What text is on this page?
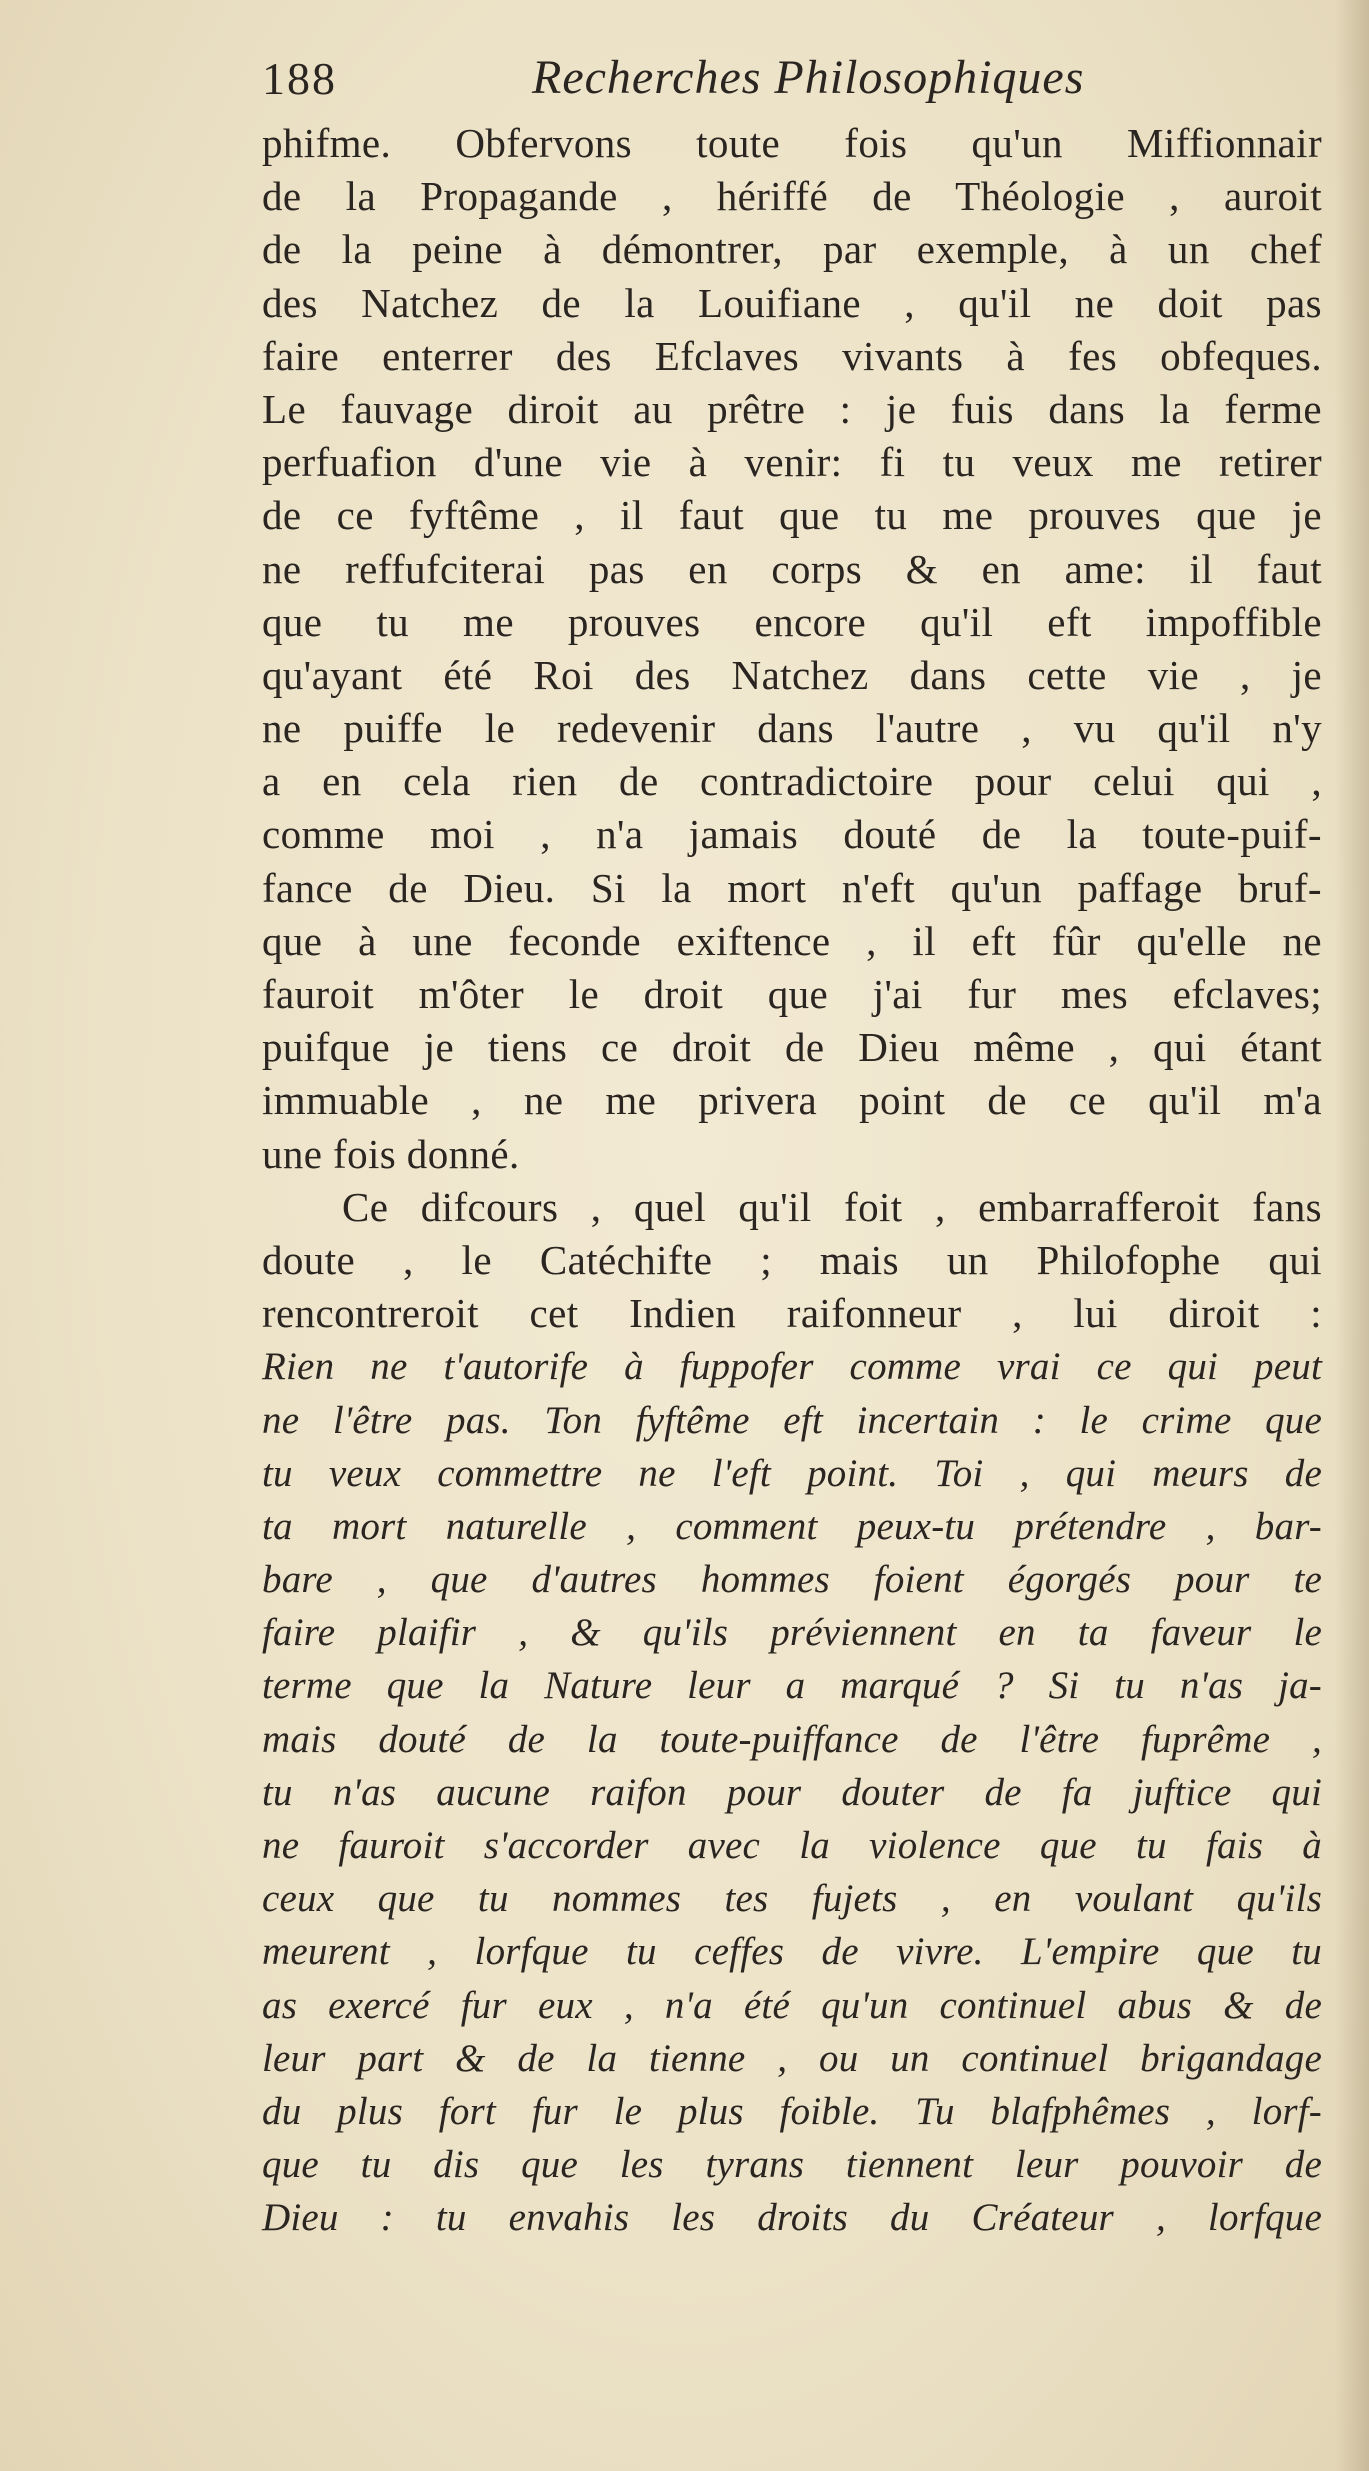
188	Recherches Philosophiques
phifme. Obfervons toute fois qu'un Miffionnair
de la Propagande , hériffé de Théologie , auroit
de la peine à démontrer, par exemple, à un chef
des Natchez de la Louifiane , qu'il ne doit pas
faire enterrer des Efclaves vivants à fes obfeques.
Le fauvage diroit au prêtre : je fuis dans la ferme
perfuafion d'une vie à venir: fi tu veux me retirer
de ce fyftême , il faut que tu me prouves que je
ne reffufciterai pas en corps & en ame: il faut
que tu me prouves encore qu'il eft impoffible
qu'ayant été Roi des Natchez dans cette vie , je
ne puiffe le redevenir dans l'autre , vu qu'il n'y
a en cela rien de contradictoire pour celui qui ,
comme moi , n'a jamais douté de la toute-puif-
fance de Dieu. Si la mort n'eft qu'un paffage bruf-
que à une feconde exiftence , il eft fûr qu'elle ne
fauroit m'ôter le droit que j'ai fur mes efclaves;
puifque je tiens ce droit de Dieu même , qui étant
immuable , ne me privera point de ce qu'il m'a
une fois donné.
Ce difcours , quel qu'il foit , embarrafferoit fans
doute , le Catéchifte ; mais un Philofophe qui
rencontreroit cet Indien raifonneur , lui diroit :
Rien ne t'autorife à fuppofer comme vrai ce qui peut
ne l'être pas. Ton fyftême eft incertain : le crime que
tu veux commettre ne l'eft point. Toi , qui meurs de
ta mort naturelle , comment peux-tu prétendre , bar-
bare , que d'autres hommes foient égorgés pour te
faire plaifir , & qu'ils préviennent en ta faveur le
terme que la Nature leur a marqué ? Si tu n'as ja-
mais douté de la toute-puiffance de l'être fuprême ,
tu n'as aucune raifon pour douter de fa juftice qui
ne fauroit s'accorder avec la violence que tu fais à
ceux que tu nommes tes fujets , en voulant qu'ils
meurent , lorfque tu ceffes de vivre. L'empire que tu
as exercé fur eux , n'a été qu'un continuel abus & de
leur part & de la tienne , ou un continuel brigandage
du plus fort fur le plus foible. Tu blafphêmes , lorf-
que tu dis que les tyrans tiennent leur pouvoir de
Dieu : tu envahis les droits du Créateur , lorfque
